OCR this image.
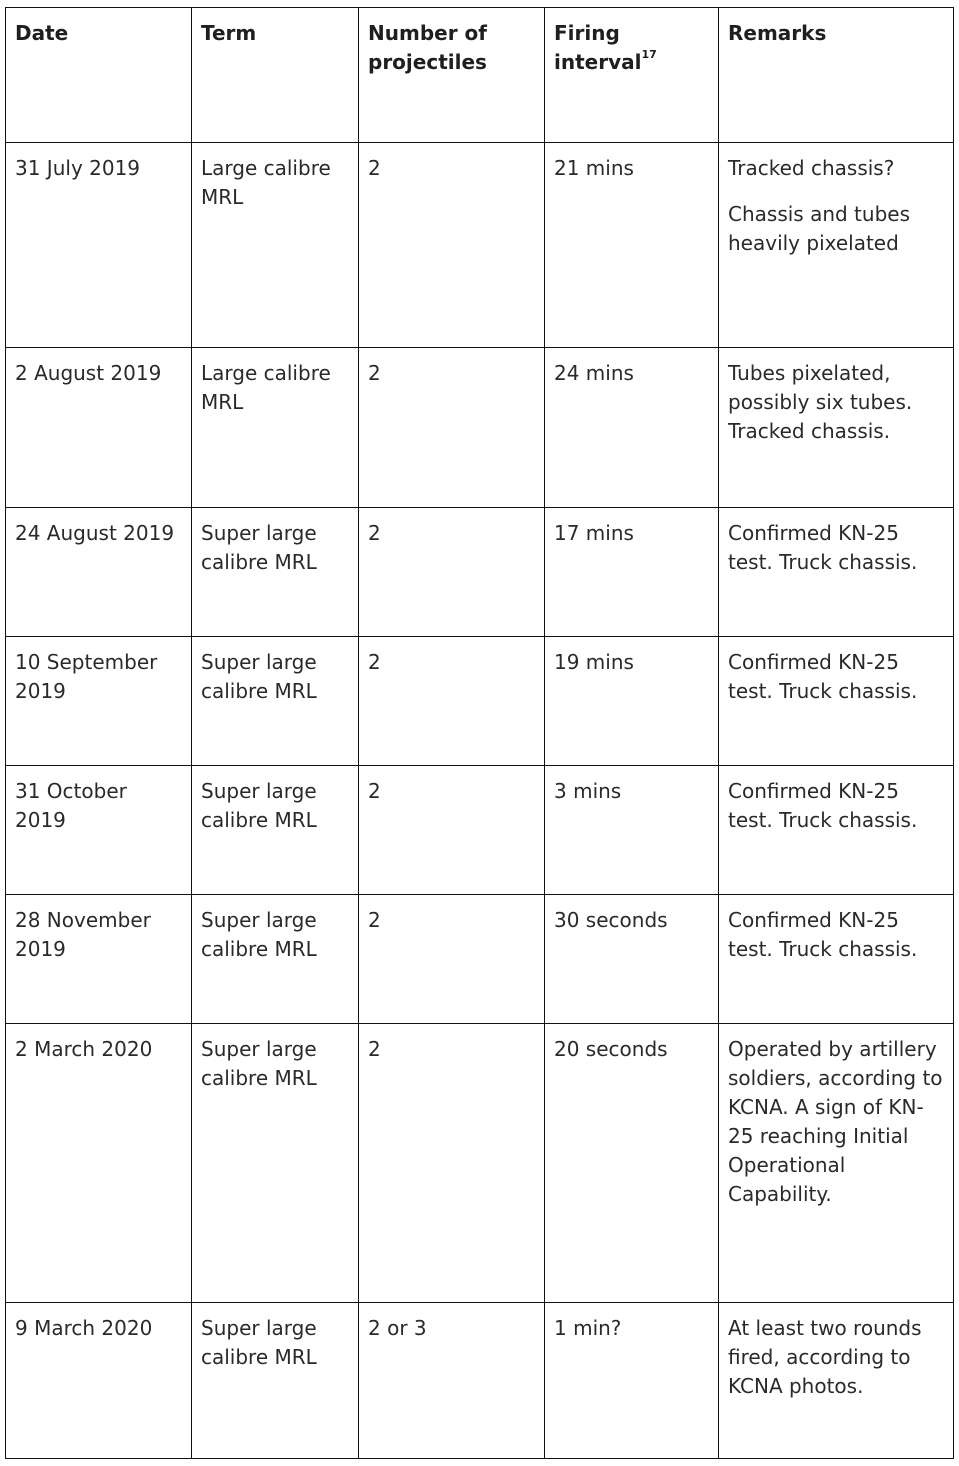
Date	Term	Number of projectiles	Firing interval$^{17}$	Remarks
31 July 2019	Large calibre MRL	2	21 mins	Tracked chassis?

Chassis and tubes heavily pixelated

2 August 2019	Large calibre MRL	2	24 mins	Tubes pixelated, possibly six tubes. Tracked chassis.

24 August 2019	Super large calibre MRL	2	17 mins	Confirmed KN-25 test. Truck chassis.

10 September 2019	Super large calibre MRL	2	19 mins	Confirmed KN-25 test. Truck chassis.

31 October 2019	Super large calibre MRL	2	3 mins	Confirmed KN-25 test. Truck chassis.

28 November 2019	Super large calibre MRL	2	30 seconds	Confirmed KN-25 test. Truck chassis.

2 March 2020	Super large calibre MRL	2	20 seconds	Operated by artillery soldiers, according to KCNA. A sign of KN-25 reaching Initial Operational Capability.

9 March 2020	Super large calibre MRL	2 or 3	1 min?	At least two rounds fired, according to KCNA photos.
